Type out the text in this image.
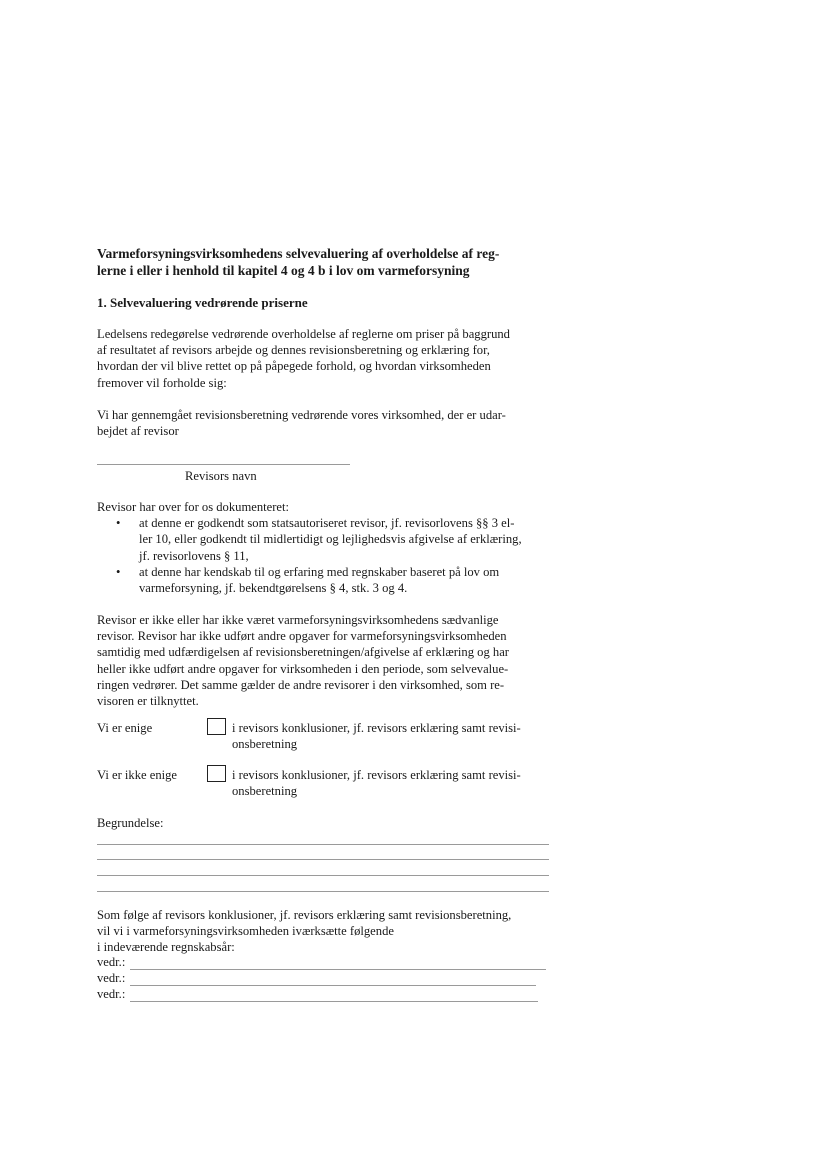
Varmeforsyningsvirksomhedens selvevaluering af overholdelse af reg-
lerne i eller i henhold til kapitel 4 og 4 b i lov om varmeforsyning
1. Selvevaluering vedrørende priserne
Ledelsens redegørelse vedrørende overholdelse af reglerne om priser på baggrund
af resultatet af revisors arbejde og dennes revisionsberetning og erklæring for,
hvordan der vil blive rettet op på påpegede forhold, og hvordan virksomheden
fremover vil forholde sig:
Vi har gennemgået revisionsberetning vedrørende vores virksomhed, der er udar-
bejdet af revisor
Revisors navn
Revisor har over for os dokumenteret:
• at denne er godkendt som statsautoriseret revisor, jf. revisorlovens §§ 3 el-
ler 10, eller godkendt til midlertidigt og lejlighedsvis afgivelse af erklæring,
jf. revisorlovens § 11,
• at denne har kendskab til og erfaring med regnskaber baseret på lov om
varmeforsyning, jf. bekendtgørelsens § 4, stk. 3 og 4.
Revisor er ikke eller har ikke været varmeforsyningsvirksomhedens sædvanlige
revisor. Revisor har ikke udført andre opgaver for varmeforsyningsvirksomheden
samtidig med udfærdigelsen af revisionsberetningen/afgivelse af erklæring og har
heller ikke udført andre opgaver for virksomheden i den periode, som selvevalue-
ringen vedrører. Det samme gælder de andre revisorer i den virksomhed, som re-
visoren er tilknyttet.
Vi er enige	i revisors konklusioner, jf. revisors erklæring samt revisi-
onsberetning
Vi er ikke enige	i revisors konklusioner, jf. revisors erklæring samt revisi-
onsberetning
Begrundelse:
Som følge af revisors konklusioner, jf. revisors erklæring samt revisionsberetning,
vil vi i varmeforsyningsvirksomheden iværksætte følgende
i indeværende regnskabsår:
vedr.:
vedr.:
vedr.:
